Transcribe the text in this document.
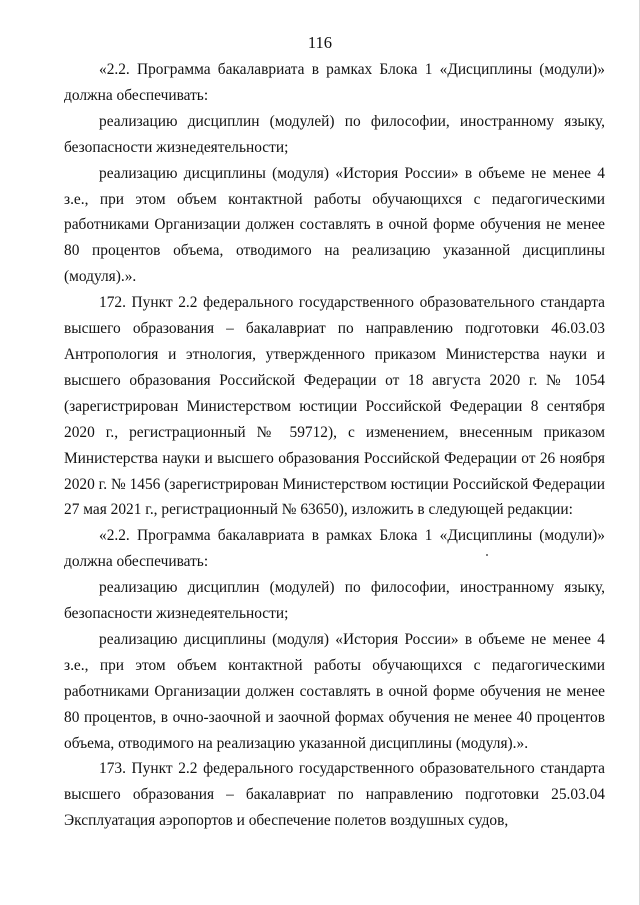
116

«2.2. Программа бакалавриата в рамках Блока 1 «Дисциплины (модули)» должна обеспечивать:

реализацию дисциплин (модулей) по философии, иностранному языку, безопасности жизнедеятельности;

реализацию дисциплины (модуля) «История России» в объеме не менее 4 з.е., при этом объем контактной работы обучающихся с педагогическими работниками Организации должен составлять в очной форме обучения не менее 80 процентов объема, отводимого на реализацию указанной дисциплины (модуля).».

172. Пункт 2.2 федерального государственного образовательного стандарта высшего образования – бакалавриат по направлению подготовки 46.03.03 Антропология и этнология, утвержденного приказом Министерства науки и высшего образования Российской Федерации от 18 августа 2020 г. № 1054 (зарегистрирован Министерством юстиции Российской Федерации 8 сентября 2020 г., регистрационный № 59712), с изменением, внесенным приказом Министерства науки и высшего образования Российской Федерации от 26 ноября 2020 г. № 1456 (зарегистрирован Министерством юстиции Российской Федерации 27 мая 2021 г., регистрационный № 63650), изложить в следующей редакции:

«2.2. Программа бакалавриата в рамках Блока 1 «Дисциплины (модули)» должна обеспечивать:

реализацию дисциплин (модулей) по философии, иностранному языку, безопасности жизнедеятельности;

реализацию дисциплины (модуля) «История России» в объеме не менее 4 з.е., при этом объем контактной работы обучающихся с педагогическими работниками Организации должен составлять в очной форме обучения не менее 80 процентов, в очно-заочной и заочной формах обучения не менее 40 процентов объема, отводимого на реализацию указанной дисциплины (модуля).».

173. Пункт 2.2 федерального государственного образовательного стандарта высшего образования – бакалавриат по направлению подготовки 25.03.04 Эксплуатация аэропортов и обеспечение полетов воздушных судов,
